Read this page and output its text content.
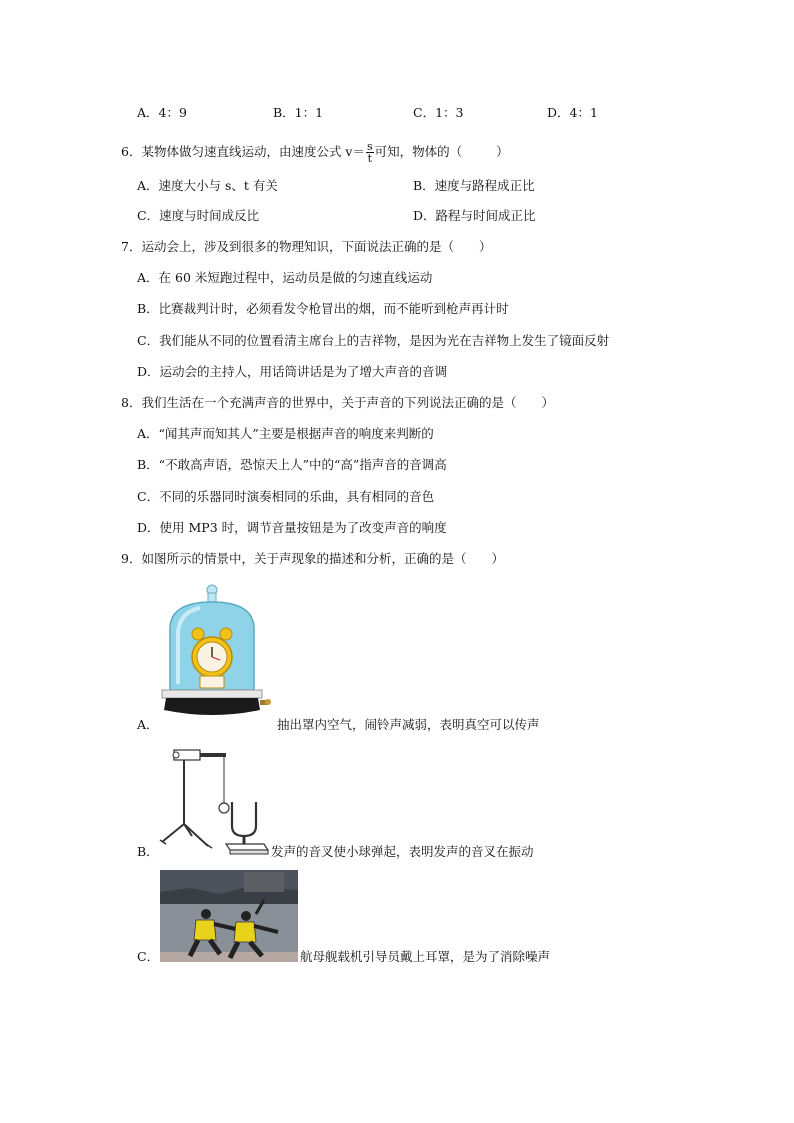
A．4：9	B．1：1	C．1：3	D．4：1
6．某物体做匀速直线运动，由速度公式 $v= \frac{s}{t}$ 可知，物体的（	）
A．速度大小与 s、t 有关	B．速度与路程成正比
C．速度与时间成反比	D．路程与时间成正比
7．运动会上，涉及到很多的物理知识，下面说法正确的是（　　）
A．在 60 米短跑过程中，运动员是做的匀速直线运动
B．比赛裁判计时，必须看发令枪冒出的烟，而不能听到枪声再计时
C．我们能从不同的位置看清主席台上的吉祥物，是因为光在吉祥物上发生了镜面反射
D．运动会的主持人，用话筒讲话是为了增大声音的音调
8．我们生活在一个充满声音的世界中，关于声音的下列说法正确的是（　　）
A．“闻其声而知其人”主要是根据声音的响度来判断的
B．“不敢高声语，恐惊天上人”中的“高”指声音的音调高
C．不同的乐器同时演奏相同的乐曲，具有相同的音色
D．使用 MP3 时，调节音量按钮是为了改变声音的响度
9．如图所示的情景中，关于声现象的描述和分析，正确的是（　　）
A．	抽出罩内空气，闹铃声减弱，表明真空可以传声
B．	发声的音叉使小球弹起，表明发声的音叉在振动
C．	航母舰载机引导员戴上耳罩，是为了消除噪声
